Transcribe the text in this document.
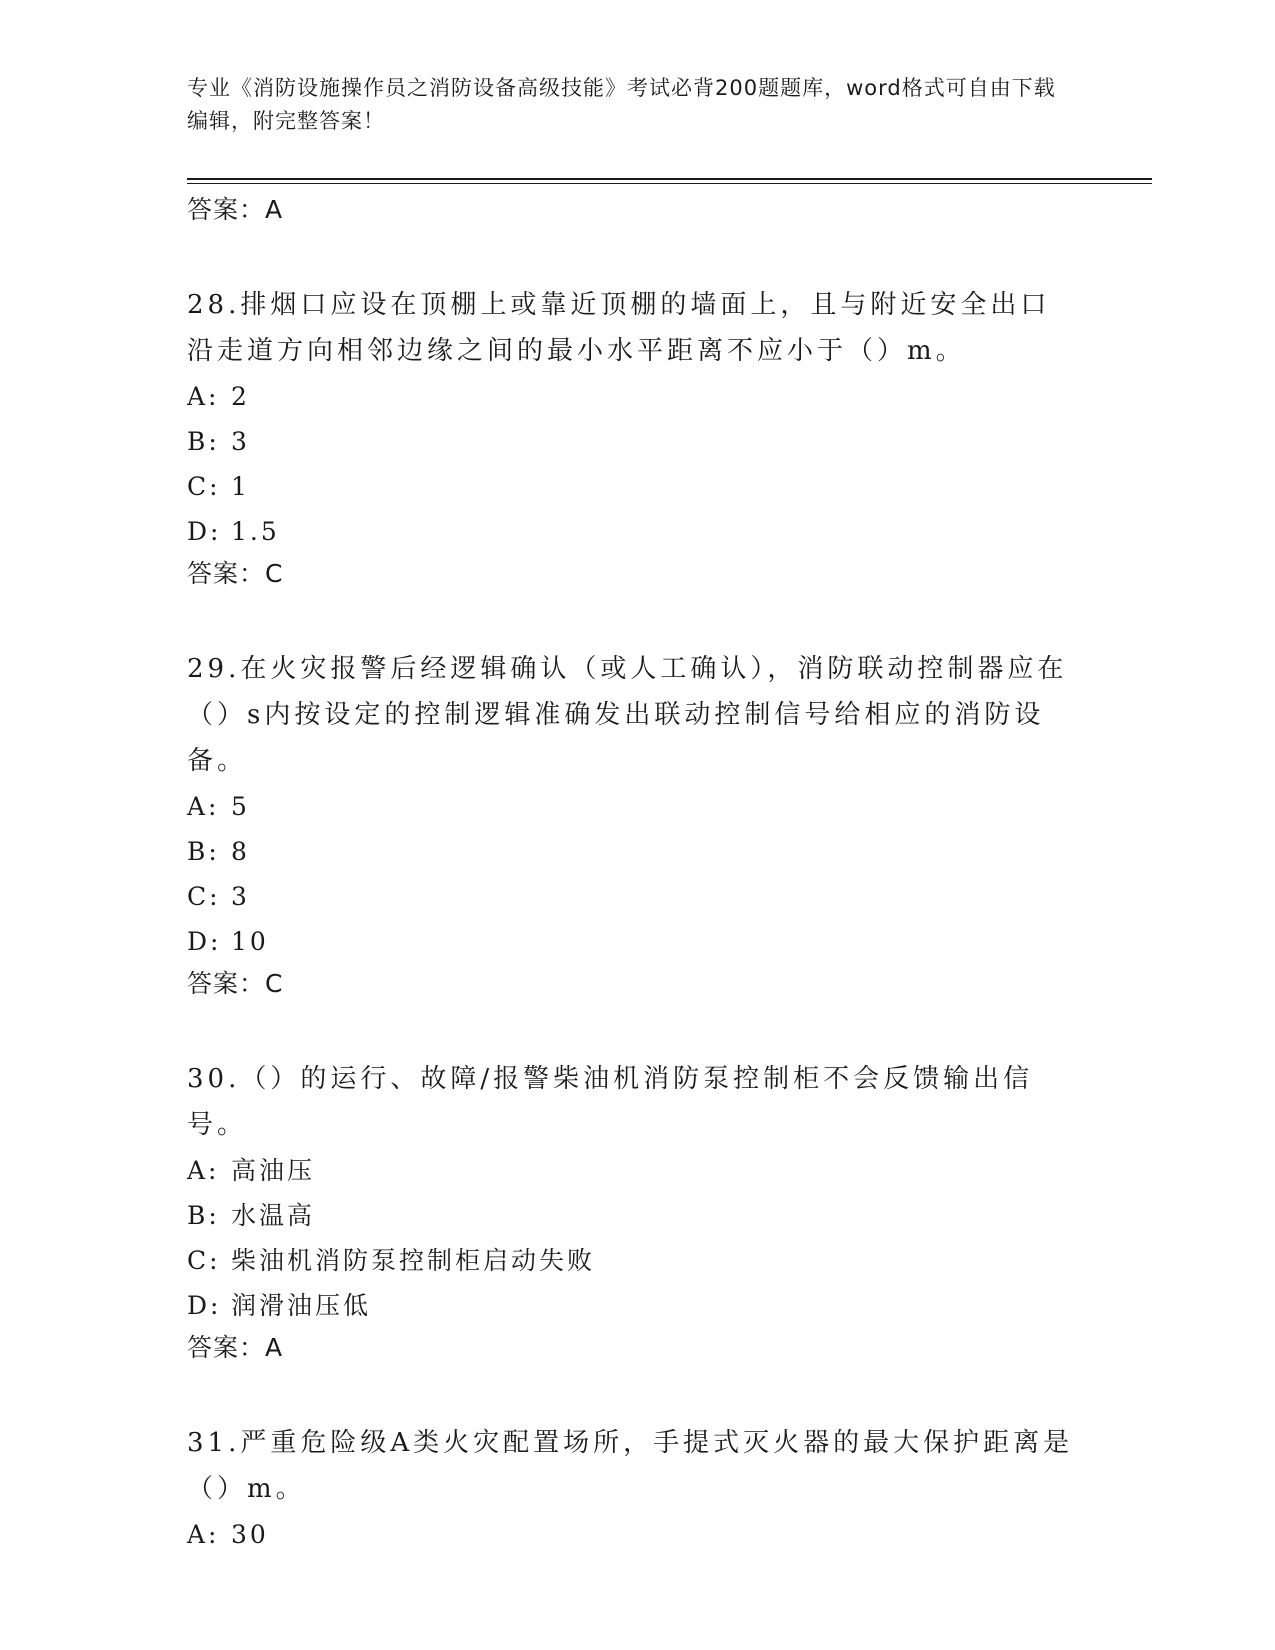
专业《消防设施操作员之消防设备高级技能》考试必背200题题库，word格式可自由下载编辑，附完整答案！
答案：A
28.排烟口应设在顶棚上或靠近顶棚的墙面上，且与附近安全出口沿走道方向相邻边缘之间的最小水平距离不应小于（）m。
A: 2
B: 3
C: 1
D: 1.5
答案：C
29.在火灾报警后经逻辑确认（或人工确认），消防联动控制器应在（）s内按设定的控制逻辑准确发出联动控制信号给相应的消防设备。
A: 5
B: 8
C: 3
D: 10
答案：C
30.（）的运行、故障/报警柴油机消防泵控制柜不会反馈输出信号。
A: 高油压
B: 水温高
C: 柴油机消防泵控制柜启动失败
D: 润滑油压低
答案：A
31.严重危险级A类火灾配置场所，手提式灭火器的最大保护距离是（）m。
A: 30
